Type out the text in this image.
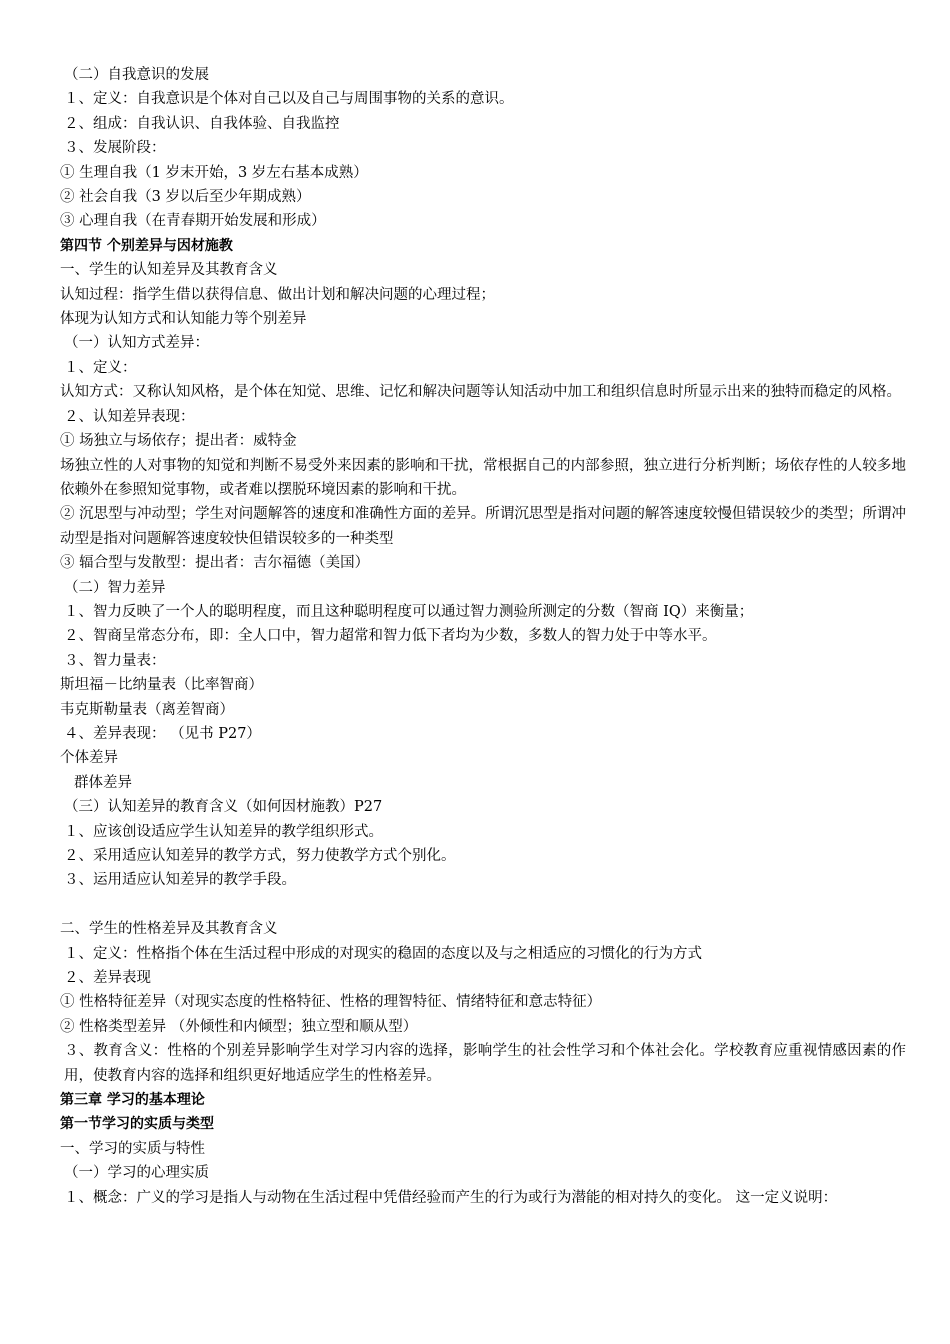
（二）自我意识的发展

１、定义：自我意识是个体对自己以及自己与周围事物的关系的意识。

２、组成：自我认识、自我体验、自我监控

３、发展阶段：

① 生理自我（1 岁末开始，3 岁左右基本成熟）

② 社会自我（3 岁以后至少年期成熟）

③ 心理自我（在青春期开始发展和形成）

第四节 个别差异与因材施教

一、学生的认知差异及其教育含义

认知过程：指学生借以获得信息、做出计划和解决问题的心理过程；

体现为认知方式和认知能力等个别差异

（一）认知方式差异：

１、定义：

认知方式：又称认知风格，是个体在知觉、思维、记忆和解决问题等认知活动中加工和组织信息时所显示出来的独特而稳定的风格。

２、认知差异表现：

① 场独立与场依存；提出者：威特金

场独立性的人对事物的知觉和判断不易受外来因素的影响和干扰，常根据自己的内部参照，独立进行分析判断；场依存性的人较多地依赖外在参照知觉事物，或者难以摆脱环境因素的影响和干扰。

② 沉思型与冲动型；学生对问题解答的速度和准确性方面的差异。所谓沉思型是指对问题的解答速度较慢但错误较少的类型；所谓冲动型是指对问题解答速度较快但错误较多的一种类型

③ 辐合型与发散型：提出者：吉尔福德（美国）

（二）智力差异

１、智力反映了一个人的聪明程度，而且这种聪明程度可以通过智力测验所测定的分数（智商 IQ）来衡量；

２、智商呈常态分布，即：全人口中，智力超常和智力低下者均为少数，多数人的智力处于中等水平。

３、智力量表：

斯坦福－比纳量表（比率智商）

韦克斯勒量表（离差智商）

４、差异表现： （见书 P27）

个体差异

群体差异

（三）认知差异的教育含义（如何因材施教）P27

１、应该创设适应学生认知差异的教学组织形式。

２、采用适应认知差异的教学方式，努力使教学方式个别化。

３、运用适应认知差异的教学手段。

二、学生的性格差异及其教育含义

１、定义：性格指个体在生活过程中形成的对现实的稳固的态度以及与之相适应的习惯化的行为方式

２、差异表现

① 性格特征差异（对现实态度的性格特征、性格的理智特征、情绪特征和意志特征）

② 性格类型差异 （外倾性和内倾型；独立型和顺从型）

３、教育含义：性格的个别差异影响学生对学习内容的选择，影响学生的社会性学习和个体社会化。学校教育应重视情感因素的作用，使教育内容的选择和组织更好地适应学生的性格差异。

第三章 学习的基本理论

第一节学习的实质与类型

一、学习的实质与特性

（一）学习的心理实质

１、概念：广义的学习是指人与动物在生活过程中凭借经验而产生的行为或行为潜能的相对持久的变化。 这一定义说明：
